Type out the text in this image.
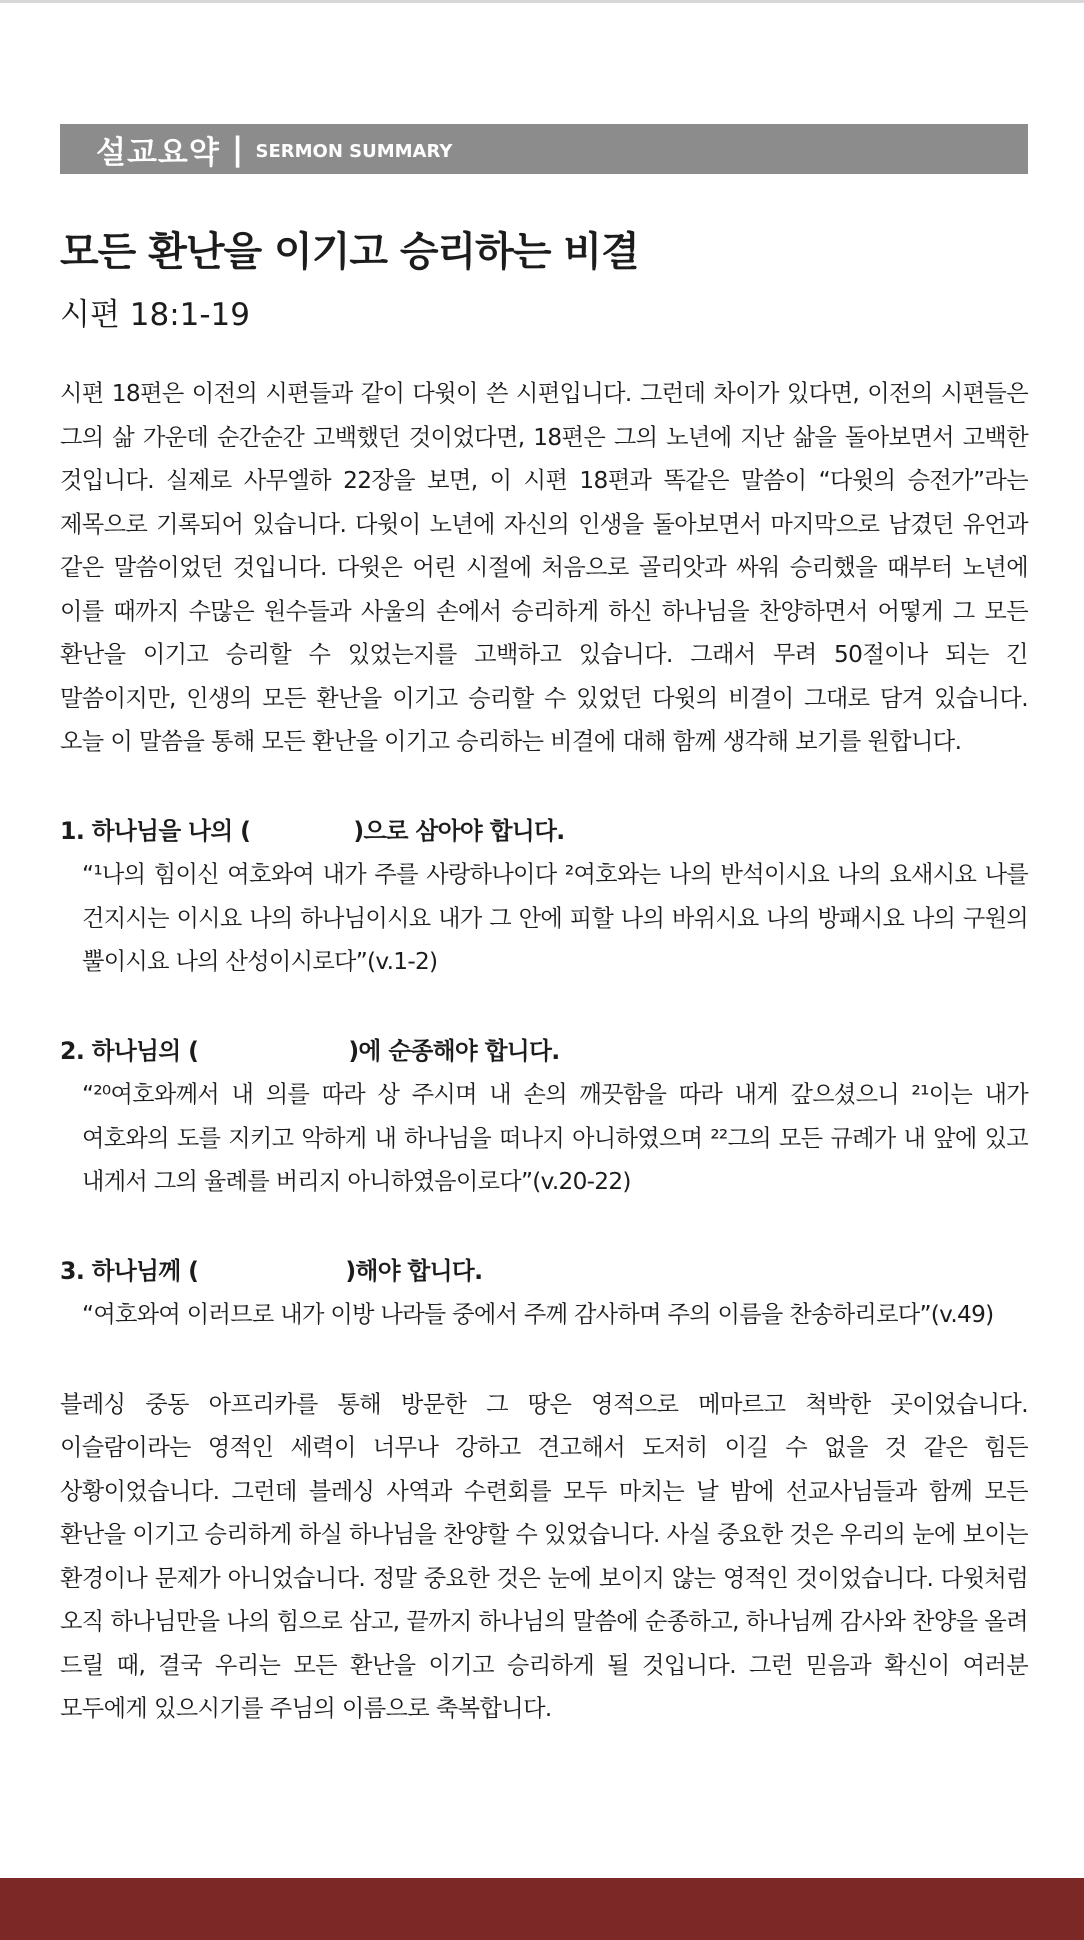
설교요약 | SERMON SUMMARY
모든 환난을 이기고 승리하는 비결

시편 18:1-19

시편 18편은 이전의 시편들과 같이 다윗이 쓴 시편입니다. 그런데 차이가 있다면, 이전의 시편들은 그의 삶 가운데 순간순간 고백했던 것이었다면, 18편은 그의 노년에 지난 삶을 돌아보면서 고백한 것입니다. 실제로 사무엘하 22장을 보면, 이 시편 18편과 똑같은 말씀이 “다윗의 승전가”라는 제목으로 기록되어 있습니다. 다윗이 노년에 자신의 인생을 돌아보면서 마지막으로 남겼던 유언과 같은 말씀이었던 것입니다. 다윗은 어린 시절에 처음으로 골리앗과 싸워 승리했을 때부터 노년에 이를 때까지 수많은 원수들과 사울의 손에서 승리하게 하신 하나님을 찬양하면서 어떻게 그 모든 환난을 이기고 승리할 수 있었는지를 고백하고 있습니다. 그래서 무려 50절이나 되는 긴 말씀이지만, 인생의 모든 환난을 이기고 승리할 수 있었던 다윗의 비결이 그대로 담겨 있습니다. 오늘 이 말씀을 통해 모든 환난을 이기고 승리하는 비결에 대해 함께 생각해 보기를 원합니다.

1. 하나님을 나의 (	)으로 삼아야 합니다.

“¹나의 힘이신 여호와여 내가 주를 사랑하나이다 ²여호와는 나의 반석이시요 나의 요새시요 나를 건지시는 이시요 나의 하나님이시요 내가 그 안에 피할 나의 바위시요 나의 방패시요 나의 구원의 뿔이시요 나의 산성이시로다”(v.1-2)

2. 하나님의 (	)에 순종해야 합니다.

“²⁰여호와께서 내 의를 따라 상 주시며 내 손의 깨끗함을 따라 내게 갚으셨으니 ²¹이는 내가 여호와의 도를 지키고 악하게 내 하나님을 떠나지 아니하였으며 ²²그의 모든 규례가 내 앞에 있고 내게서 그의 율례를 버리지 아니하였음이로다”(v.20-22)

3. 하나님께 (	)해야 합니다.

“여호와여 이러므로 내가 이방 나라들 중에서 주께 감사하며 주의 이름을 찬송하리로다”(v.49)

블레싱 중동 아프리카를 통해 방문한 그 땅은 영적으로 메마르고 척박한 곳이었습니다. 이슬람이라는 영적인 세력이 너무나 강하고 견고해서 도저히 이길 수 없을 것 같은 힘든 상황이었습니다. 그런데 블레싱 사역과 수련회를 모두 마치는 날 밤에 선교사님들과 함께 모든 환난을 이기고 승리하게 하실 하나님을 찬양할 수 있었습니다. 사실 중요한 것은 우리의 눈에 보이는 환경이나 문제가 아니었습니다. 정말 중요한 것은 눈에 보이지 않는 영적인 것이었습니다. 다윗처럼 오직 하나님만을 나의 힘으로 삼고, 끝까지 하나님의 말씀에 순종하고, 하나님께 감사와 찬양을 올려 드릴 때, 결국 우리는 모든 환난을 이기고 승리하게 될 것입니다. 그런 믿음과 확신이 여러분 모두에게 있으시기를 주님의 이름으로 축복합니다.
